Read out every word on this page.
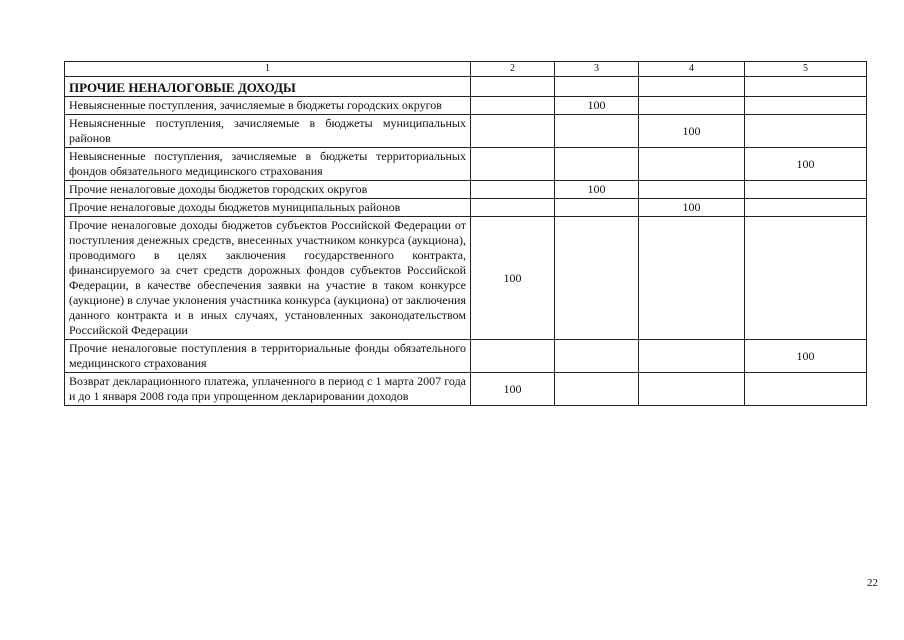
1	2	3	4	5
ПРОЧИЕ НЕНАЛОГОВЫЕ ДОХОДЫ				
Невыясненные поступления, зачисляемые в бюджеты городских округов		100		
Невыясненные поступления, зачисляемые в бюджеты муниципальных районов			100	
Невыясненные поступления, зачисляемые в бюджеты территориальных фондов обязательного медицинского страхования				100
Прочие неналоговые доходы бюджетов городских округов		100		
Прочие неналоговые доходы бюджетов муниципальных районов			100	
Прочие неналоговые доходы бюджетов субъектов Российской Федерации от поступления денежных средств, внесенных участником конкурса (аукциона), проводимого в целях заключения государственного контракта, финансируемого за счет средств дорожных фондов субъектов Российской Федерации, в качестве обеспечения заявки на участие в таком конкурсе (аукционе) в случае уклонения участника конкурса (аукциона) от заключения данного контракта и в иных случаях, установленных законодательством Российской Федерации	100			
Прочие неналоговые поступления в территориальные фонды обязательного медицинского страхования				100
Возврат декларационного платежа, уплаченного в период с 1 марта 2007 года и до 1 января 2008 года при упрощенном декларировании доходов	100			
22
